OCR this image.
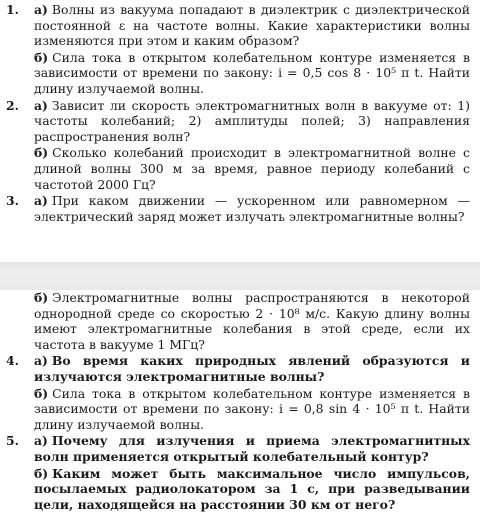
1.	а) Волны из вакуума попадают в диэлектрик с диэлектрической постоянной ε на частоте волны. Какие характеристики волны изменяются при этом и каким образом?

б) Сила тока в открытом колебательном контуре изменяется в зависимости от времени по закону: i = 0,5 cos 8 · 10⁵ π t. Найти длину излучаемой волны.

2.	а) Зависит ли скорость электромагнитных волн в вакууме от: 1) частоты колебаний; 2) амплитуды полей; 3) направления распространения волн?

б) Сколько колебаний происходит в электромагнитной волне с длиной волны 300 м за время, равное периоду колебаний с частотой 2000 Гц?

3.	а) При каком движении — ускоренном или равномерном — электрический заряд может излучать электромагнитные волны?

б) Электромагнитные волны распространяются в некоторой однородной среде со скоростью 2 · 10⁸ м/с. Какую длину волны имеют электромагнитные колебания в этой среде, если их частота в вакууме 1 МГц?

4.	а) Во время каких природных явлений образуются и излучаются электромагнитные волны?

б) Сила тока в открытом колебательном контуре изменяется в зависимости от времени по закону: i = 0,8 sin 4 · 10⁵ π t. Найти длину излучаемой волны.

5.	а) Почему для излучения и приема электромагнитных волн применяется открытый колебательный контур?

б) Каким может быть максимальное число импульсов, посылаемых радиолокатором за 1 с, при разведывании цели, находящейся на расстоянии 30 км от него?
